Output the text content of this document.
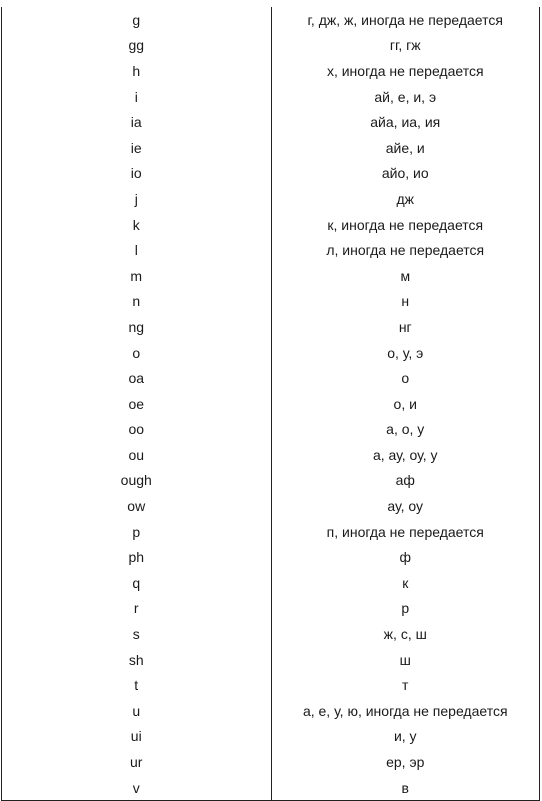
g	г, дж, ж, иногда не передается
gg	гг, гж
h	х, иногда не передается
i	ай, е, и, э
ia	айа, иа, ия
ie	айе, и
io	айо, ио
j	дж
k	к, иногда не передается
l	л, иногда не передается
m	м
n	н
ng	нг
o	о, у, э
oa	о
oe	о, и
oo	а, о, у
ou	а, ау, оу, у
ough	аф
ow	ау, оу
p	п, иногда не передается
ph	ф
q	к
r	р
s	ж, с, ш
sh	ш
t	т
u	а, е, у, ю, иногда не передается
ui	и, у
ur	ер, эр
v	в
